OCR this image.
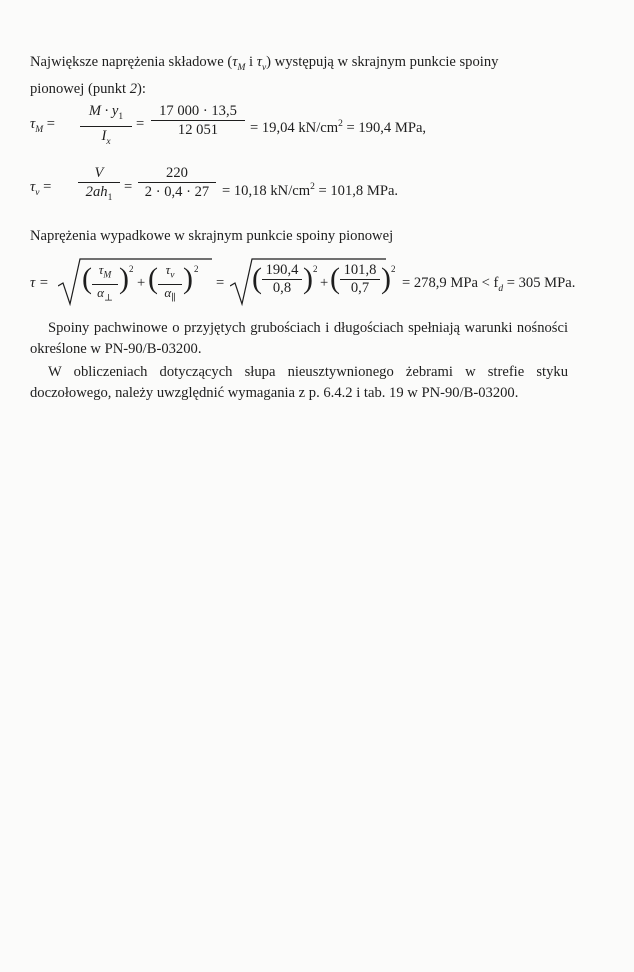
Największe naprężenia składowe ($\tau_M$ i $\tau_v$) występują w skrajnym punkcie spoiny
pionowej (punkt 2):
$\tau_M$ =
$M \cdot y_1$
$I_x$
=
17 000 · 13,5
12 051	= 19,04 $kN/cm^2 = 190,4$ MPa,
$\tau_v$ =
V
$2ah_1$
=
220
2 · 0,4 · 27 = 10,18 $kN/cm^2 = 101,8$ MPa.
Naprężenia wypadkowe w skrajnym punkcie spoiny pionowej
τ = ( $\tau_M$
$\alpha_\perp$
) 2
+ ( $\tau_v$
$\alpha_\parallel$
) 2
= ( 190,4
0,8 ) 2
+ ( 101,8
0,7 ) 2
= 278,9 MPa < $f_d = 305$ MPa.
Spoiny pachwinowe o przyjętych grubościach i długościach spełniają warunki nośności określone w PN-90/B-03200.
W obliczeniach dotyczących słupa nieusztywnionego żebrami w strefie styku doczołowego, należy uwzględnić wymagania z p. 6.4.2 i tab. 19 w PN-90/B-03200.
